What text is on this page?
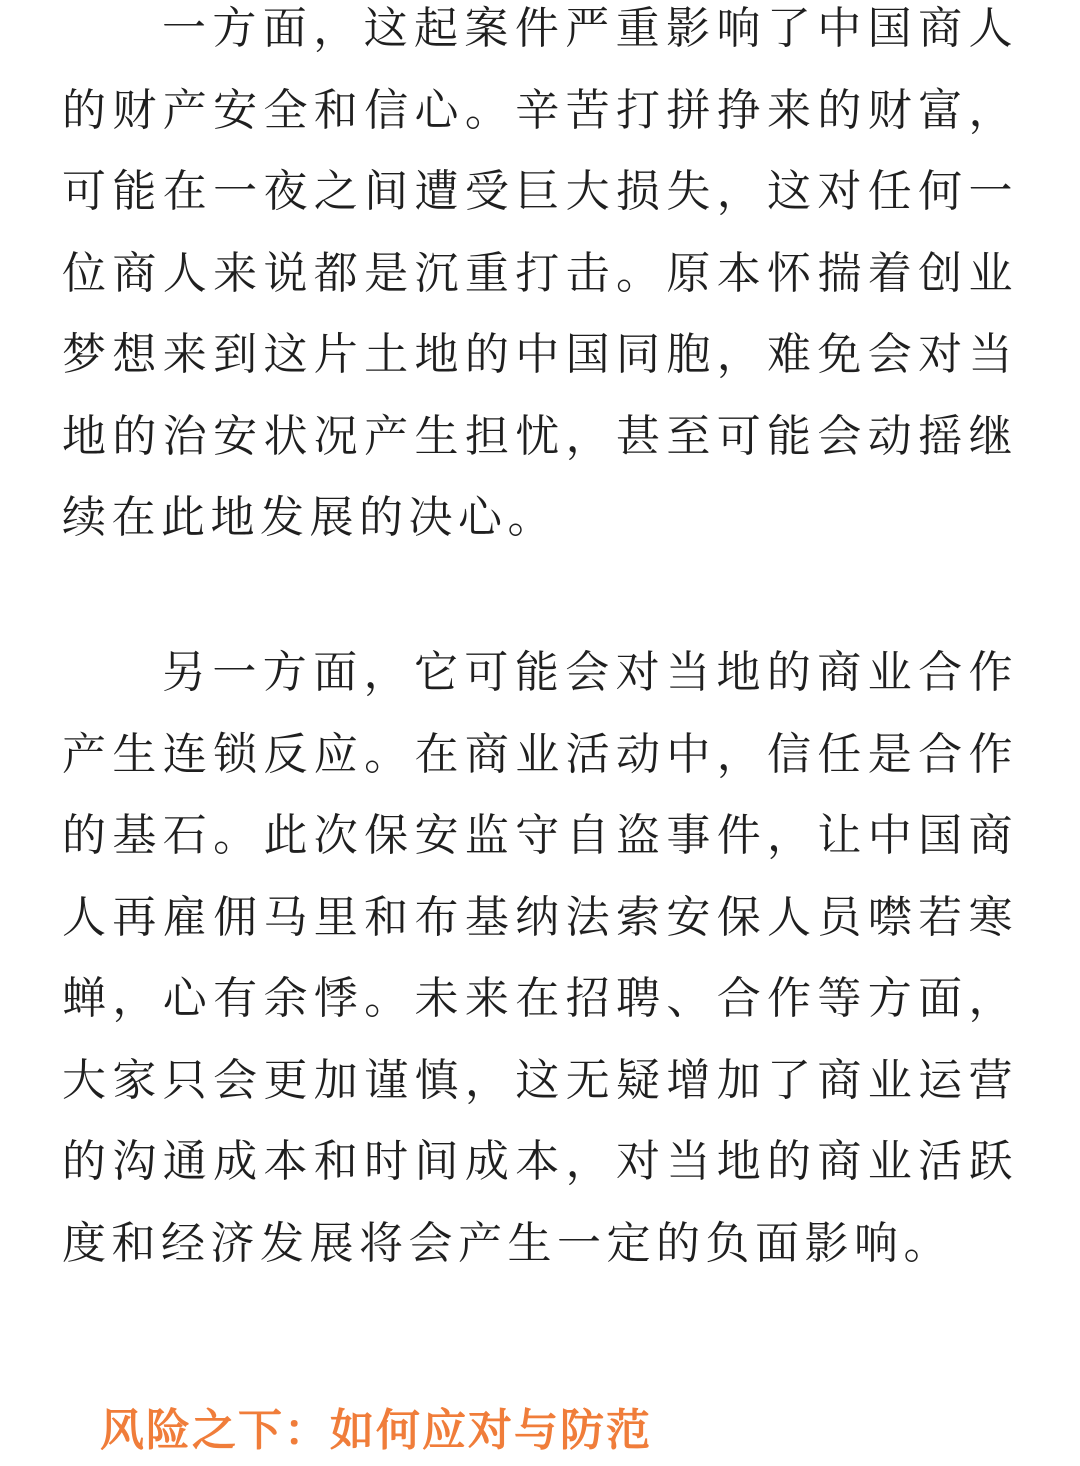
一方面，这起案件严重影响了中国商人的财产安全和信心。辛苦打拼挣来的财富，可能在一夜之间遭受巨大损失，这对任何一位商人来说都是沉重打击。原本怀揣着创业梦想来到这片土地的中国同胞，难免会对当地的治安状况产生担忧，甚至可能会动摇继续在此地发展的决心。

另一方面，它可能会对当地的商业合作产生连锁反应。在商业活动中，信任是合作的基石。此次保安监守自盗事件，让中国商人再雇佣马里和布基纳法索安保人员噤若寒蝉，心有余悸。未来在招聘、合作等方面，大家只会更加谨慎，这无疑增加了商业运营的沟通成本和时间成本，对当地的商业活跃度和经济发展将会产生一定的负面影响。

风险之下：如何应对与防范
